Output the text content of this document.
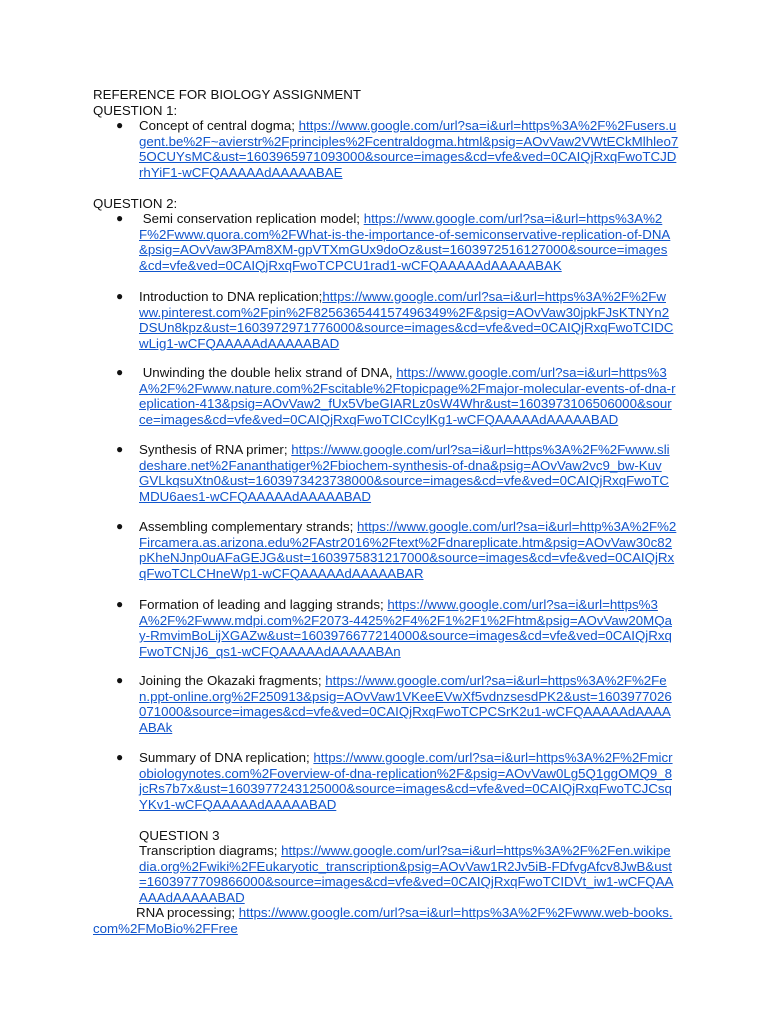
REFERENCE FOR BIOLOGY ASSIGNMENT
QUESTION 1:
● Concept of central dogma; https://www.google.com/url?sa=i&url=https%3A%2F%2Fusers.ugent.be%2F~avierstr%2Fprinciples%2Fcentraldogma.html&psig=AOvVaw2VWtECkMlhleo75OCUYsMC&ust=1603965971093000&source=images&cd=vfe&ved=0CAIQjRxqFwoTCJDrhYiF1-wCFQAAAAAdAAAAABAE
QUESTION 2:
● Semi conservation replication model; https://www.google.com/url?sa=i&url=https%3A%2F%2Fwww.quora.com%2FWhat-is-the-importance-of-semiconservative-replication-of-DNA&psig=AOvVaw3PAm8XM-gpVTXmGUx9doOz&ust=1603972516127000&source=images&cd=vfe&ved=0CAIQjRxqFwoTCPCU1rad1-wCFQAAAAAdAAAAABAK
● Introduction to DNA replication;https://www.google.com/url?sa=i&url=https%3A%2F%2Fwww.pinterest.com%2Fpin%2F825636544157496349%2F&psig=AOvVaw30jpkFJsKTNYn2DSUn8kpz&ust=1603972971776000&source=images&cd=vfe&ved=0CAIQjRxqFwoTCIDCwLig1-wCFQAAAAAdAAAAABAD
● Unwinding the double helix strand of DNA, https://www.google.com/url?sa=i&url=https%3A%2F%2Fwww.nature.com%2Fscitable%2Ftopicpage%2Fmajor-molecular-events-of-dna-replication-413&psig=AOvVaw2_fUx5VbeGIARLz0sW4Whr&ust=1603973106506000&source=images&cd=vfe&ved=0CAIQjRxqFwoTCICcylKg1-wCFQAAAAAdAAAAABAD
● Synthesis of RNA primer; https://www.google.com/url?sa=i&url=https%3A%2F%2Fwww.slideshare.net%2Fananthatiger%2Fbiochem-synthesis-of-dna&psig=AOvVaw2vc9_bw-KuvGVLkqsuXtn0&ust=1603973423738000&source=images&cd=vfe&ved=0CAIQjRxqFwoTCMDU6aes1-wCFQAAAAAdAAAAABAD
● Assembling complementary strands; https://www.google.com/url?sa=i&url=http%3A%2F%2Fircamera.as.arizona.edu%2FAstr2016%2Ftext%2Fdnareplicate.htm&psig=AOvVaw30c82pKheNJnp0uAFaGEJG&ust=1603975831217000&source=images&cd=vfe&ved=0CAIQjRxqFwoTCLCHneWp1-wCFQAAAAAdAAAAABAR
● Formation of leading and lagging strands; https://www.google.com/url?sa=i&url=https%3A%2F%2Fwww.mdpi.com%2F2073-4425%2F4%2F1%2F1%2Fhtm&psig=AOvVaw20MQay-RmvimBoLijXGAZw&ust=1603976677214000&source=images&cd=vfe&ved=0CAIQjRxqFwoTCNjJ6_qs1-wCFQAAAAAdAAAAABAn
● Joining the Okazaki fragments; https://www.google.com/url?sa=i&url=https%3A%2F%2Fen.ppt-online.org%2F250913&psig=AOvVaw1VKeeEVwXf5vdnzsesdPK2&ust=1603977026071000&source=images&cd=vfe&ved=0CAIQjRxqFwoTCPCSrK2u1-wCFQAAAAAdAAAAABAk
● Summary of DNA replication; https://www.google.com/url?sa=i&url=https%3A%2F%2Fmicrobiologynotes.com%2Foverview-of-dna-replication%2F&psig=AOvVaw0Lg5Q1ggOMQ9_8jcRs7b7x&ust=1603977243125000&source=images&cd=vfe&ved=0CAIQjRxqFwoTCJCsqYKv1-wCFQAAAAAdAAAAABAD
QUESTION 3
Transcription diagrams; https://www.google.com/url?sa=i&url=https%3A%2F%2Fen.wikipedia.org%2Fwiki%2FEukaryotic_transcription&psig=AOvVaw1R2Jv5iB-FDfvgAfcv8JwB&ust=1603977709866000&source=images&cd=vfe&ved=0CAIQjRxqFwoTCIDVt_iw1-wCFQAAAAAdAAAAABAD
RNA processing; https://www.google.com/url?sa=i&url=https%3A%2F%2Fwww.web-books.com%2FMoBio%2FFree
